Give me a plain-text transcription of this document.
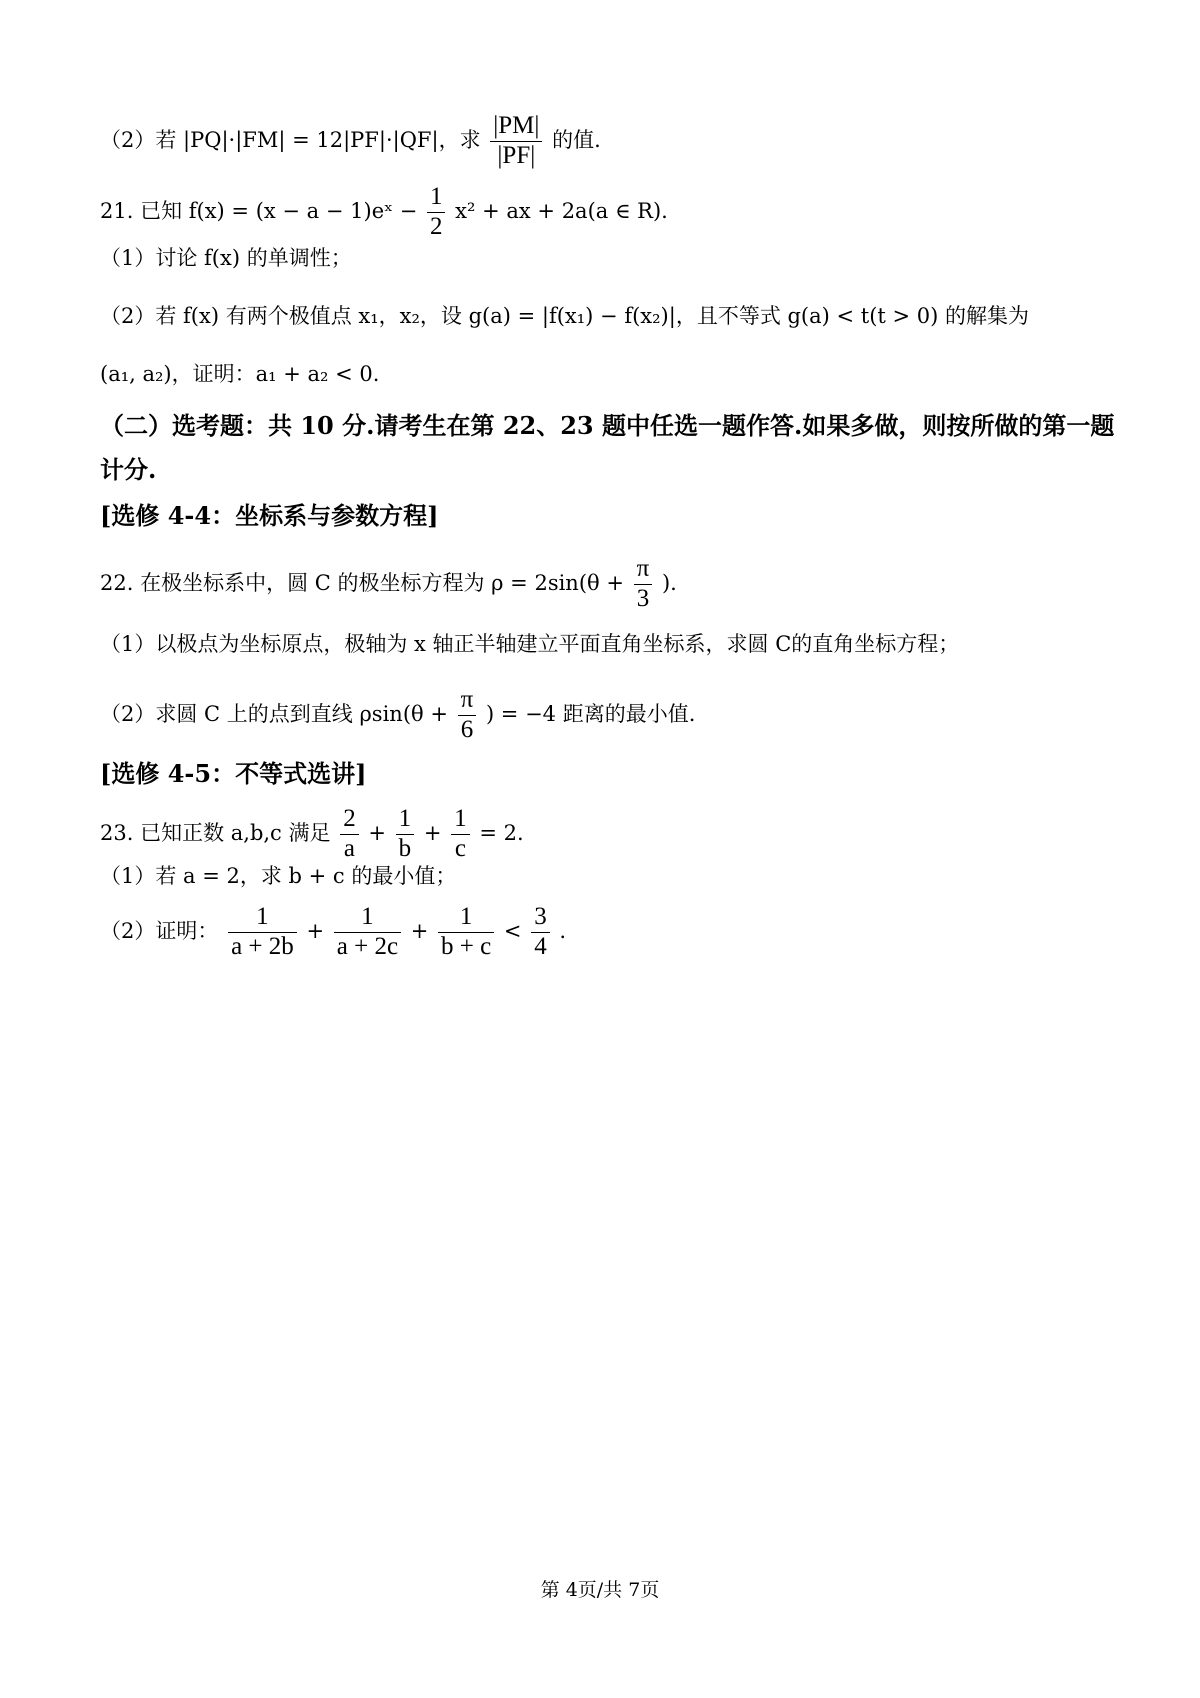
（2）若 |PQ|·|FM| = 12|PF|·|QF|，求 $\frac{|PM|}{|PF|}$ 的值.
21. 已知 f(x) = (x − a − 1)eˣ − $\frac{1}{2} x^2$ + ax + 2a(a ∈ R).
（1）讨论 f(x) 的单调性；
（2）若 f(x) 有两个极值点 x₁，x₂，设 g(a) = |f(x₁) − f(x₂)|，且不等式 g(a) < t(t > 0) 的解集为
(a₁, a₂)，证明：a₁ + a₂ < 0.
（二）选考题：共 10 分.请考生在第 22、23 题中任选一题作答.如果多做，则按所做的第一题
计分.
[选修 4-4：坐标系与参数方程]
22. 在极坐标系中，圆 C 的极坐标方程为 $\rho = 2\sin(\theta + \frac{\pi}{3}$ ).
（1）以极点为坐标原点，极轴为 x 轴正半轴建立平面直角坐标系，求圆 C的直角坐标方程；
（2）求圆 C 上的点到直线 $\rho\sin(\theta + \frac{\pi}{6}$ ) = −4 距离的最小值.
[选修 4-5：不等式选讲]
23. 已知正数 a,b,c 满足 $\frac{2}{a} + \frac{1}{b} + \frac{1}{c} = 2$.
（1）若 a = 2，求 b + c 的最小值；
（2）证明： $\frac{1}{a + 2b} + \frac{1}{a + 2c} + \frac{1}{b + c} < \frac{3}{4}$ .
第 4页/共 7页
